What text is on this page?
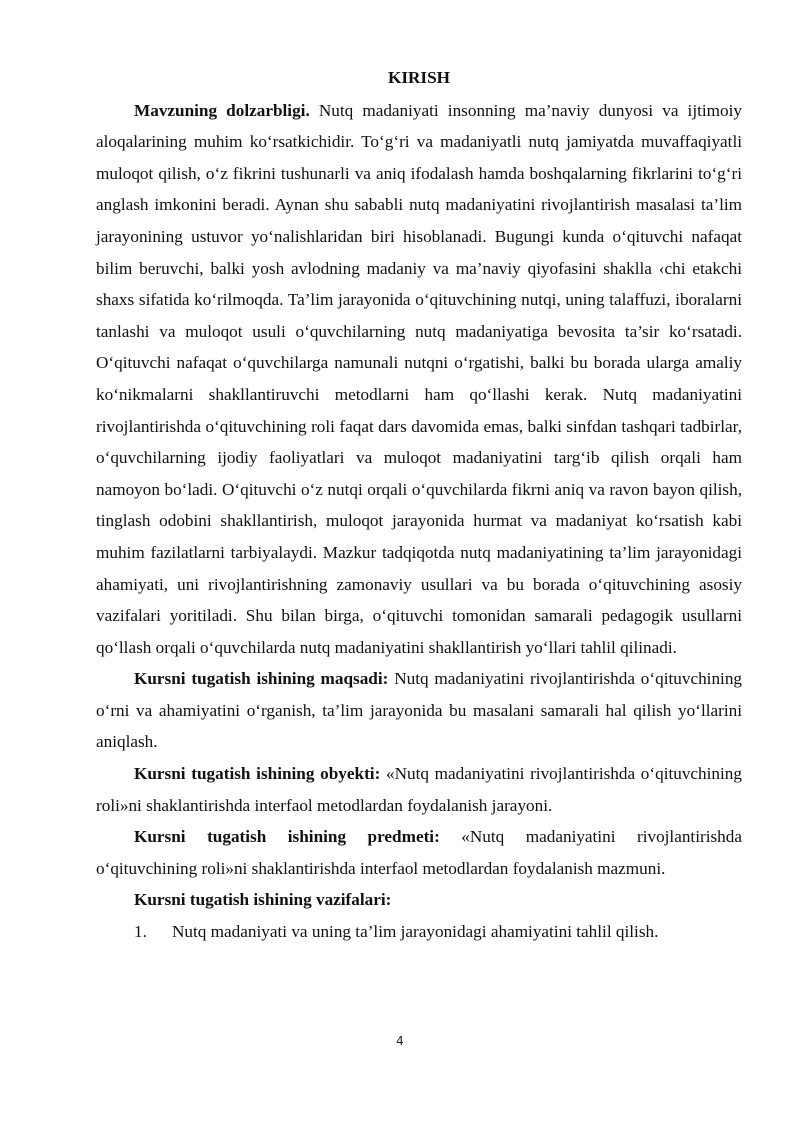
KIRISH

Mavzuning dolzarbligi. Nutq madaniyati insonning ma’naviy dunyosi va ijtimoiy aloqalarining muhim ko‘rsatkichidir. To‘g‘ri va madaniyatli nutq jamiyatda muvaffaqiyatli muloqot qilish, o‘z fikrini tushunarli va aniq ifodalash hamda boshqalarning fikrlarini to‘g‘ri anglash imkonini beradi. Aynan shu sababli nutq madaniyatini rivojlantirish masalasi ta’lim jarayonining ustuvor yo‘nalishlaridan biri hisoblanadi. Bugungi kunda o‘qituvchi nafaqat bilim beruvchi, balki yosh avlodning madaniy va ma’naviy qiyofasini shaklla ‹chi etakchi shaxs sifatida ko‘rilmoqda. Ta’lim jarayonida o‘qituvchining nutqi, uning talaffuzi, iboralarni tanlashi va muloqot usuli o‘quvchilarning nutq madaniyatiga bevosita ta’sir ko‘rsatadi. O‘qituvchi nafaqat o‘quvchilarga namunali nutqni o‘rgatishi, balki bu borada ularga amaliy ko‘nikmalarni shakllantiruvchi metodlarni ham qo‘llashi kerak. Nutq madaniyatini rivojlantirishda o‘qituvchining roli faqat dars davomida emas, balki sinfdan tashqari tadbirlar, o‘quvchilarning ijodiy faoliyatlari va muloqot madaniyatini targ‘ib qilish orqali ham namoyon bo‘ladi. O‘qituvchi o‘z nutqi orqali o‘quvchilarda fikrni aniq va ravon bayon qilish, tinglash odobini shakllantirish, muloqot jarayonida hurmat va madaniyat ko‘rsatish kabi muhim fazilatlarni tarbiyalaydi. Mazkur tadqiqotda nutq madaniyatining ta’lim jarayonidagi ahamiyati, uni rivojlantirishning zamonaviy usullari va bu borada o‘qituvchining asosiy vazifalari yoritiladi. Shu bilan birga, o‘qituvchi tomonidan samarali pedagogik usullarni qo‘llash orqali o‘quvchilarda nutq madaniyatini shakllantirish yo‘llari tahlil qilinadi.

Kursni tugatish ishining maqsadi: Nutq madaniyatini rivojlantirishda o‘qituvchining o‘rni va ahamiyatini o‘rganish, ta’lim jarayonida bu masalani samarali hal qilish yo‘llarini aniqlash.

Kursni tugatish ishining obyekti: «Nutq madaniyatini rivojlantirishda o‘qituvchining roli»ni shaklantirishda interfaol metodlardan foydalanish jarayoni.

Kursni tugatish ishining predmeti: «Nutq madaniyatini rivojlantirishda o‘qituvchining roli»ni shaklantirishda interfaol metodlardan foydalanish mazmuni.

Kursni tugatish ishining vazifalari:

1. Nutq madaniyati va uning ta’lim jarayonidagi ahamiyatini tahlil qilish.

4
